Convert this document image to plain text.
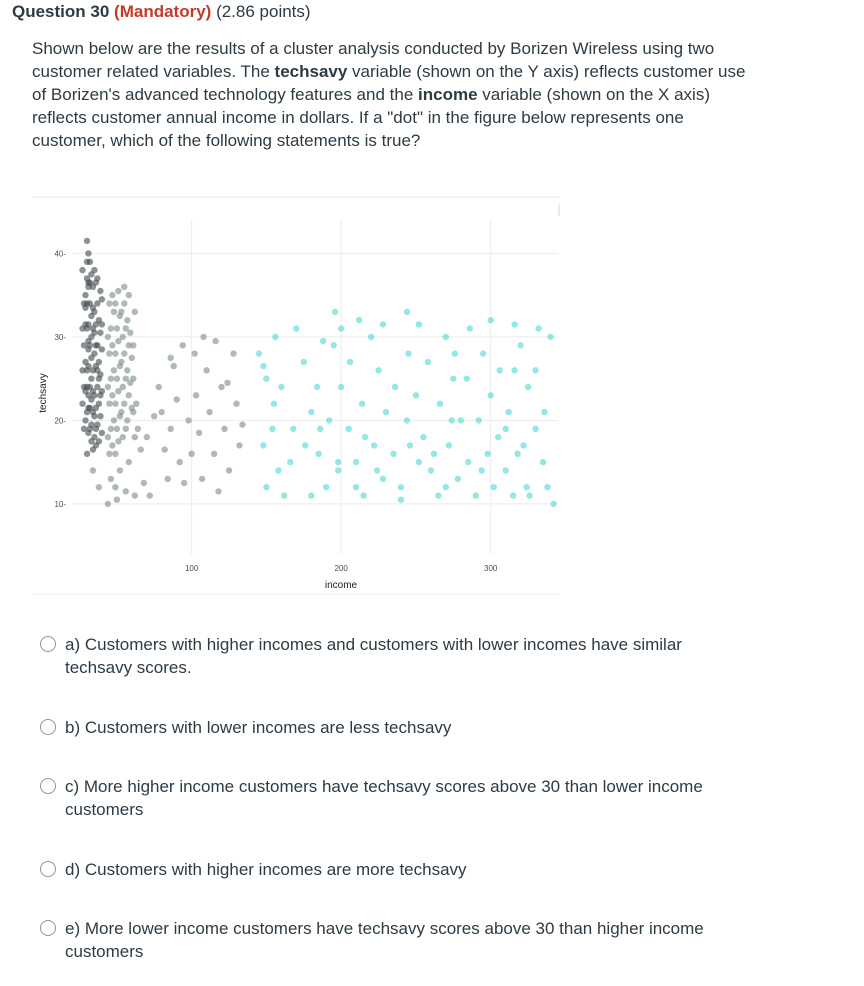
Question 30 (Mandatory) (2.86 points)
Shown below are the results of a cluster analysis conducted by Borizen Wireless using two customer related variables. The techsavy variable (shown on the Y axis) reflects customer use of Borizen's advanced technology features and the income variable (shown on the X axis) reflects customer annual income in dollars. If a "dot" in the figure below represents one customer, which of the following statements is true?
100	200	300
10-
20-
30-
40-
income
techsavy
a) Customers with higher incomes and customers with lower incomes have similar techsavy scores.
b) Customers with lower incomes are less techsavy
c) More higher income customers have techsavy scores above 30 than lower income customers
d) Customers with higher incomes are more techsavy
e) More lower income customers have techsavy scores above 30 than higher income customers
